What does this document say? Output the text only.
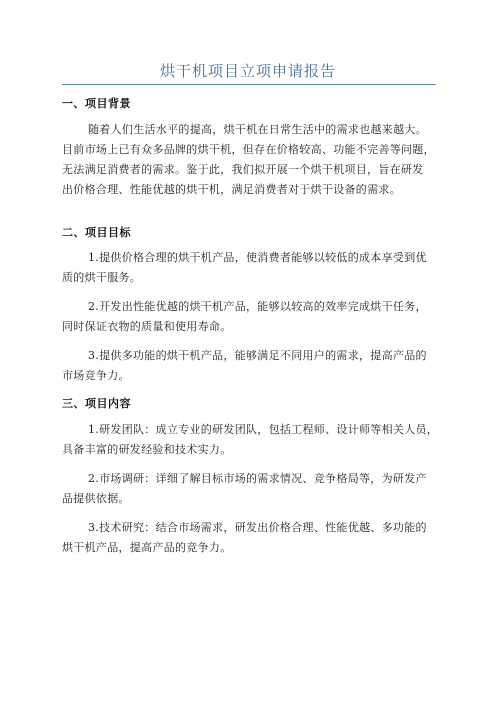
烘干机项目立项申请报告
一、项目背景
随着人们生活水平的提高，烘干机在日常生活中的需求也越来越大。
目前市场上已有众多品牌的烘干机，但存在价格较高、功能不完善等问题，
无法满足消费者的需求。鉴于此，我们拟开展一个烘干机项目，旨在研发
出价格合理、性能优越的烘干机，满足消费者对于烘干设备的需求。
二、项目目标
1.提供价格合理的烘干机产品，使消费者能够以较低的成本享受到优
质的烘干服务。
2.开发出性能优越的烘干机产品，能够以较高的效率完成烘干任务，
同时保证衣物的质量和使用寿命。
3.提供多功能的烘干机产品，能够满足不同用户的需求，提高产品的
市场竞争力。
三、项目内容
1.研发团队：成立专业的研发团队，包括工程师、设计师等相关人员，
具备丰富的研发经验和技术实力。
2.市场调研：详细了解目标市场的需求情况、竞争格局等，为研发产
品提供依据。
3.技术研究：结合市场需求，研发出价格合理、性能优越、多功能的
烘干机产品，提高产品的竞争力。
